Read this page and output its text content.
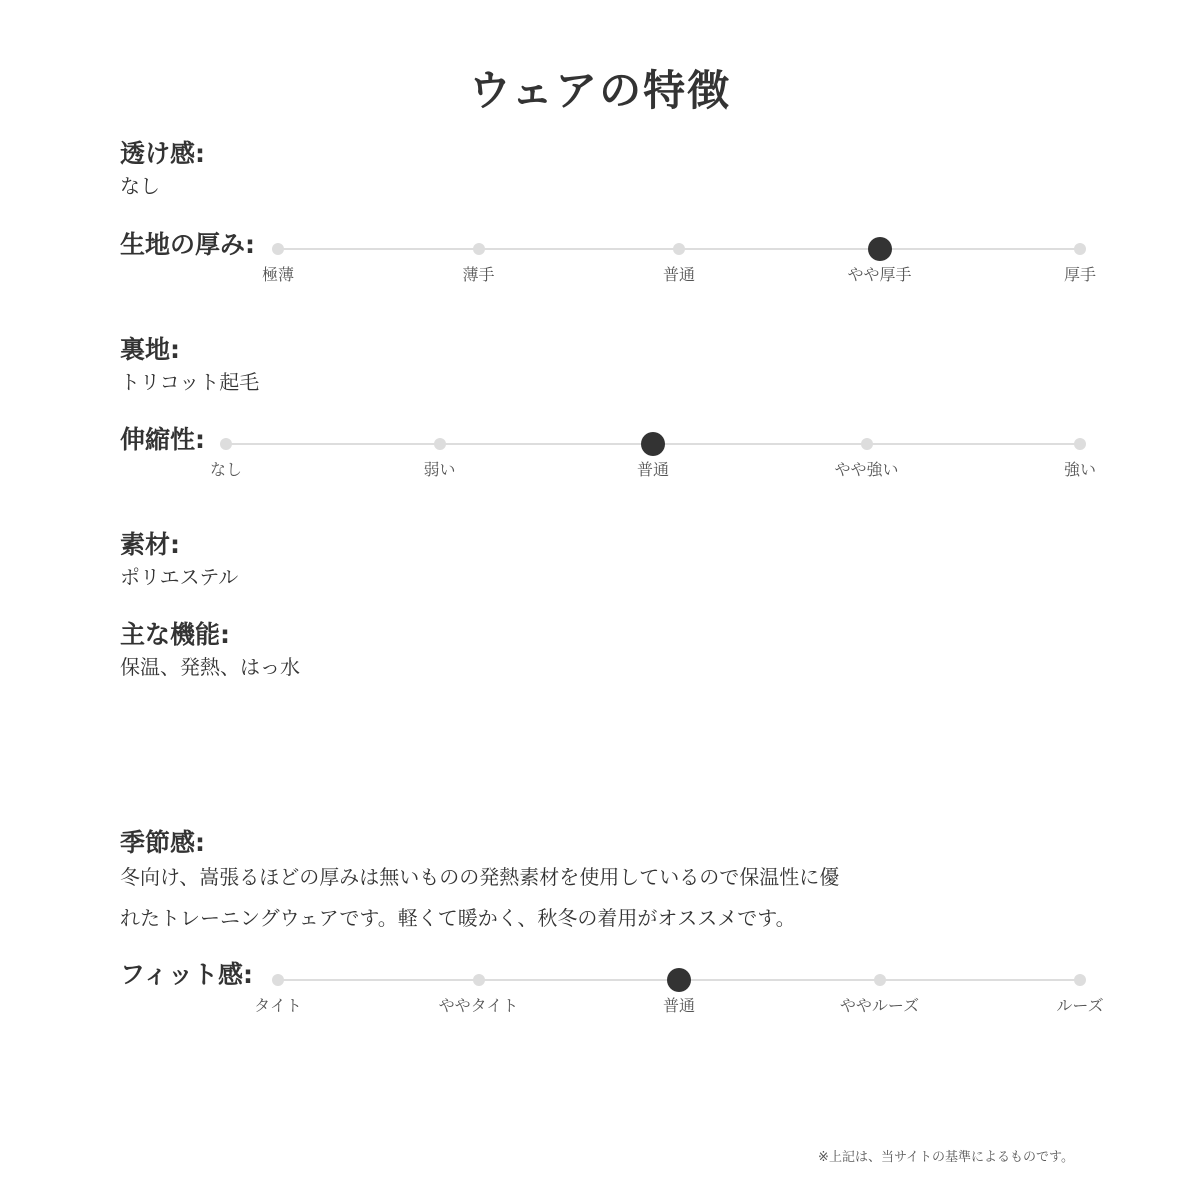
ウェアの特徴
透け感:
なし
生地の厚み:
極薄	薄手	普通	やや厚手	厚手
裏地:
トリコット起毛
伸縮性:
なし	弱い	普通	やや強い	強い
素材:
ポリエステル
主な機能:
保温、発熱、はっ水
季節感:
冬向け、嵩張るほどの厚みは無いものの発熱素材を使用しているので保温性に優
れたトレーニングウェアです。軽くて暖かく、秋冬の着用がオススメです。
フィット感:
タイト	ややタイト	普通	ややルーズ	ルーズ
※上記は、当サイトの基準によるものです。
